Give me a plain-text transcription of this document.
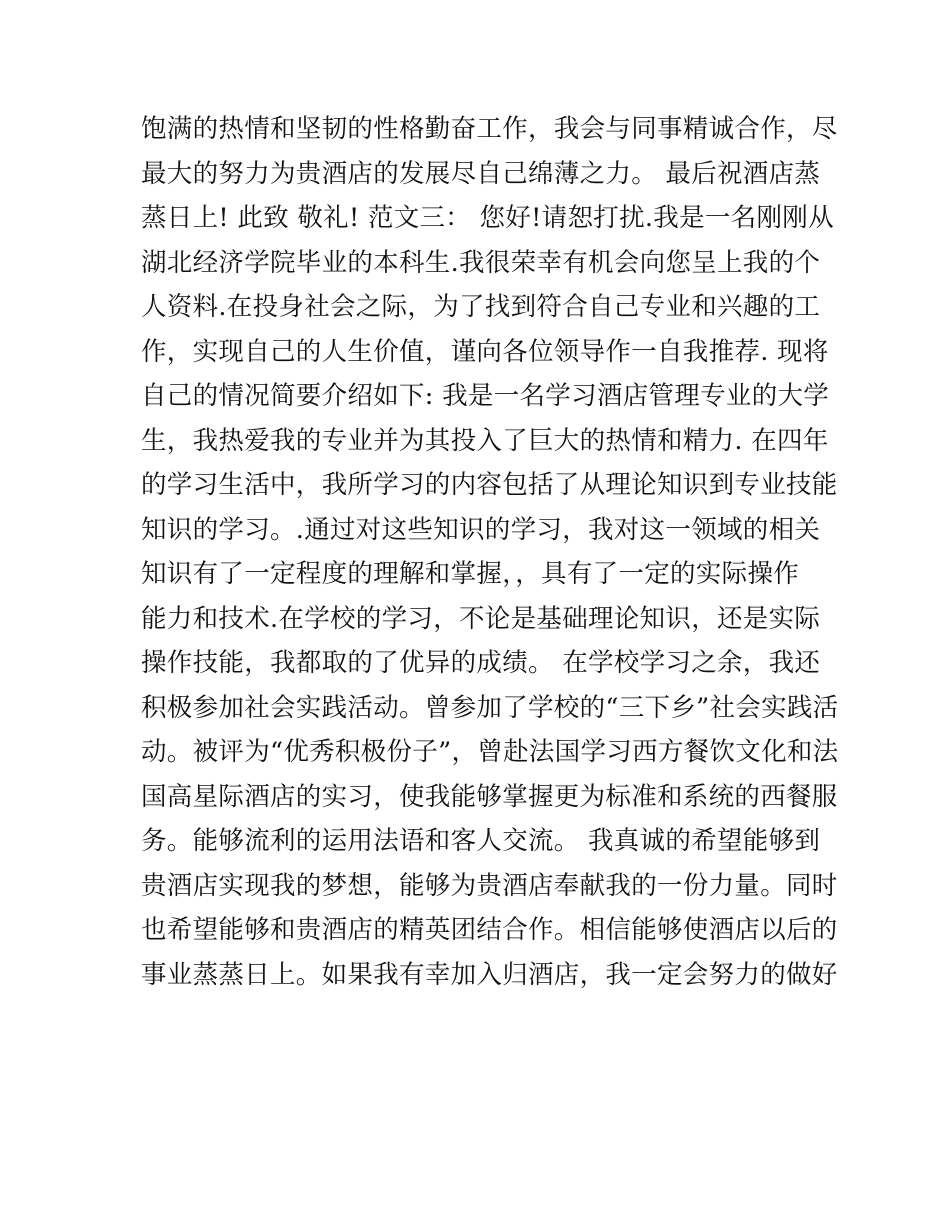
饱满的热情和坚韧的性格勤奋工作，我会与同事精诚合作，尽
最大的努力为贵酒店的发展尽自己绵薄之力。 最后祝酒店蒸
蒸日上! 此致 敬礼! 范文三： 您好!请恕打扰.我是一名刚刚从
湖北经济学院毕业的本科生.我很荣幸有机会向您呈上我的个
人资料.在投身社会之际，为了找到符合自己专业和兴趣的工
作，实现自己的人生价值，谨向各位领导作一自我推荐. 现将
自己的情况简要介绍如下: 我是一名学习酒店管理专业的大学
生，我热爱我的专业并为其投入了巨大的热情和精力. 在四年
的学习生活中，我所学习的内容包括了从理论知识到专业技能
知识的学习。.通过对这些知识的学习，我对这一领域的相关
知识有了一定程度的理解和掌握，，具有了一定的实际操作
能力和技术.在学校的学习，不论是基础理论知识，还是实际
操作技能，我都取的了优异的成绩。 在学校学习之余，我还
积极参加社会实践活动。曾参加了学校的“三下乡”社会实践活
动。被评为“优秀积极份子”，曾赴法国学习西方餐饮文化和法
国高星际酒店的实习，使我能够掌握更为标准和系统的西餐服
务。能够流利的运用法语和客人交流。 我真诚的希望能够到
贵酒店实现我的梦想，能够为贵酒店奉献我的一份力量。同时
也希望能够和贵酒店的精英团结合作。相信能够使酒店以后的
事业蒸蒸日上。如果我有幸加入归酒店，我一定会努力的做好
